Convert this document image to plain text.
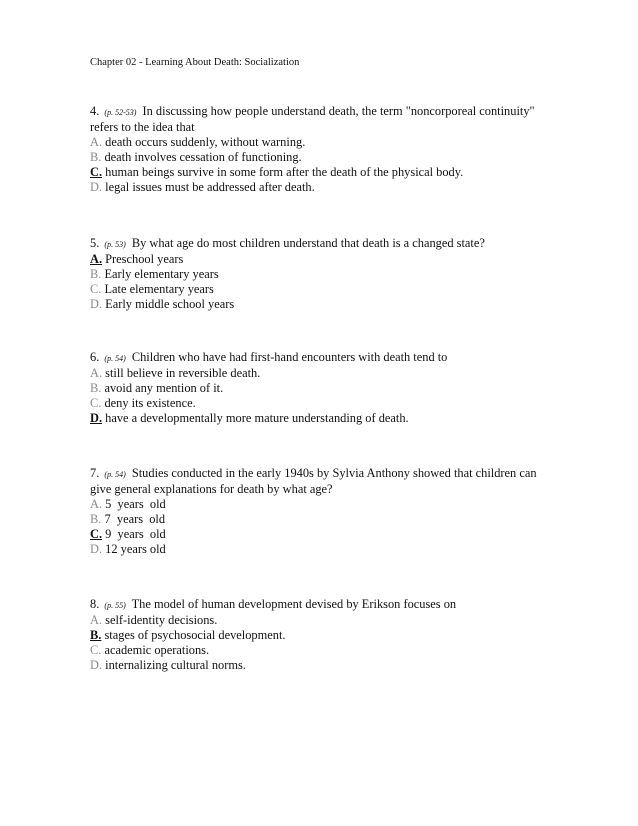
Chapter 02 - Learning About Death: Socialization
4. (p. 52-53) In discussing how people understand death, the term "noncorporeal continuity" refers to the idea that
A. death occurs suddenly, without warning.
B. death involves cessation of functioning.
C. human beings survive in some form after the death of the physical body.
D. legal issues must be addressed after death.
5. (p. 53) By what age do most children understand that death is a changed state?
A. Preschool years
B. Early elementary years
C. Late elementary years
D. Early middle school years
6. (p. 54) Children who have had first-hand encounters with death tend to
A. still believe in reversible death.
B. avoid any mention of it.
C. deny its existence.
D. have a developmentally more mature understanding of death.
7. (p. 54) Studies conducted in the early 1940s by Sylvia Anthony showed that children can give general explanations for death by what age?
A. 5  years  old
B. 7  years  old
C. 9  years  old
D. 12 years old
8. (p. 55) The model of human development devised by Erikson focuses on
A. self-identity decisions.
B. stages of psychosocial development.
C. academic operations.
D. internalizing cultural norms.
